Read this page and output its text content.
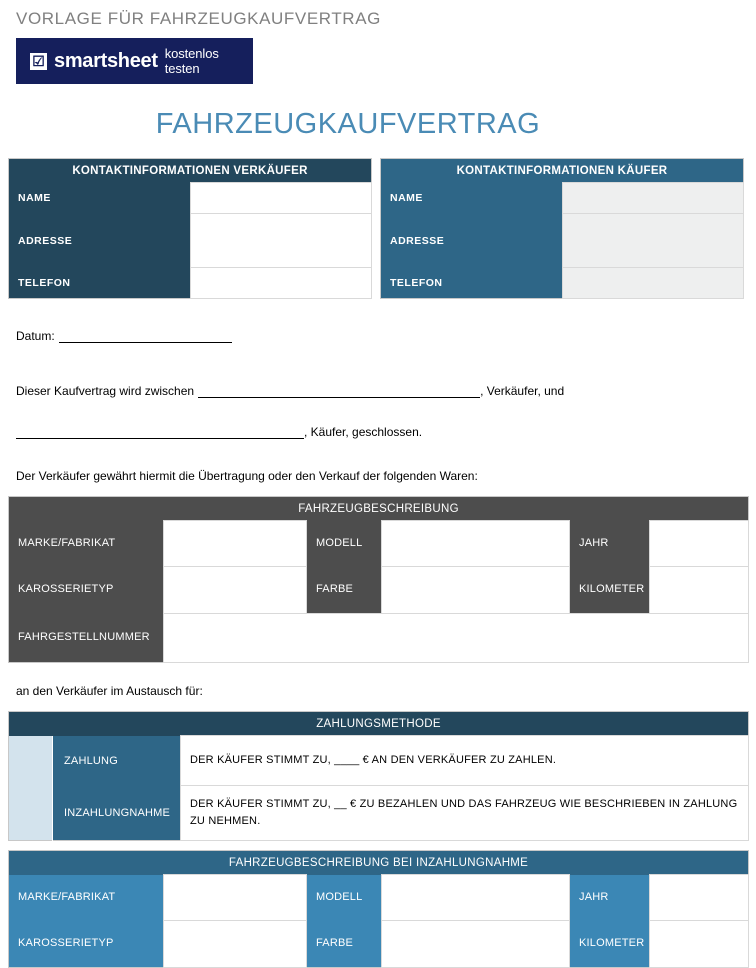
VORLAGE FÜR FAHRZEUGKAUFVERTRAG
☑ smartsheet kostenlos testen
FAHRZEUGKAUFVERTRAG
KONTAKTINFORMATIONEN VERKÄUFER	
NAME	
ADRESSE	
TELEFON	
KONTAKTINFORMATIONEN KÄUFER	
NAME	
ADRESSE	
TELEFON	
Datum:
Dieser Kaufvertrag wird zwischen	, Verkäufer, und
, Käufer, geschlossen.
Der Verkäufer gewährt hiermit die Übertragung oder den Verkauf der folgenden Waren:
FAHRZEUGBESCHREIBUNG					
MARKE/FABRIKAT		MODELL		JAHR	
KAROSSERIETYP		FARBE		KILOMETER	
FAHRGESTELLNUMMER					
an den Verkäufer im Austausch für:
ZAHLUNGSMETHODE		
	ZAHLUNG	DER KÄUFER STIMMT ZU, ____ € AN DEN VERKÄUFER ZU ZAHLEN.
	INZAHLUNGNAHME	DER KÄUFER STIMMT ZU, __ € ZU BEZAHLEN UND DAS FAHRZEUG WIE BESCHRIEBEN IN ZAHLUNG ZU NEHMEN.
FAHRZEUGBESCHREIBUNG BEI INZAHLUNGNAHME					
MARKE/FABRIKAT		MODELL		JAHR	
KAROSSERIETYP		FARBE		KILOMETER	
